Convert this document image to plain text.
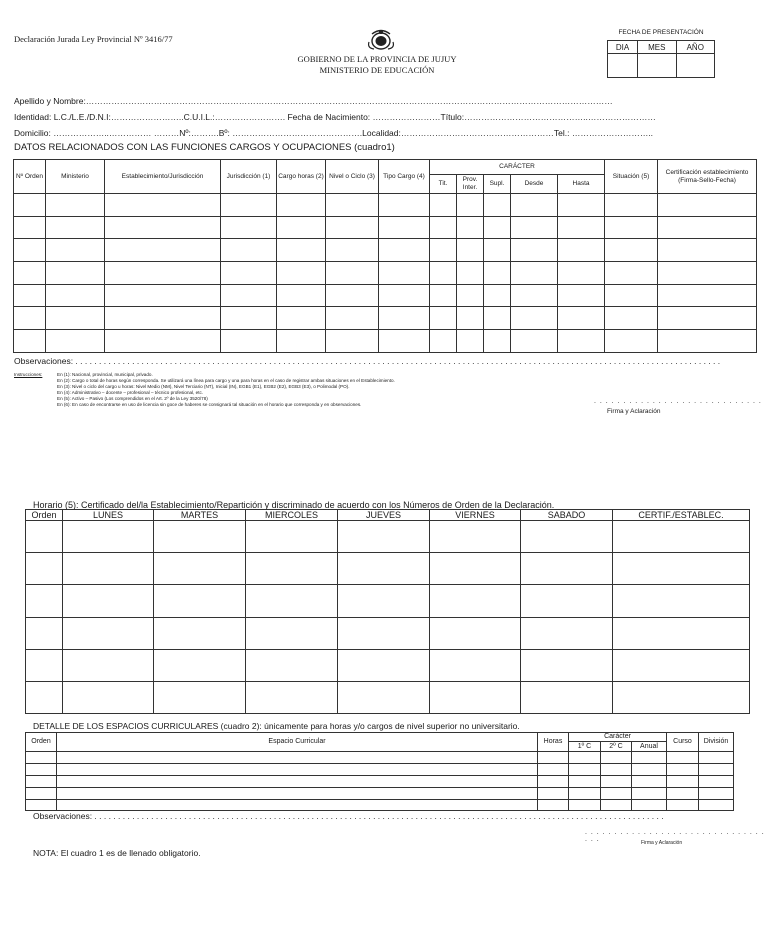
Declaración Jurada Ley Provincial Nº 3416/77
GOBIERNO DE LA PROVINCIA DE JUJUY
MINISTERIO DE EDUCACIÓN
FECHA DE PRESENTACIÓN
DIA	MES	AÑO

Apellido y Nombre:……………………………………………………………………………………………………………………………………………………………………
Identidad: L.C./L.E./D.N.I:……………………..C.U.I.L.:……………………. Fecha de Nacimiento: ……………………Título:……………………………………..……………………
Domicilio: ………………..…………… ………Nº:……….Bº: ……………………………………….Localidad:………………………………………………Tel.: ………………………..
DATOS RELACIONADOS CON LAS FUNCIONES CARGOS Y OCUPACIONES (cuadro1)
Nº Orden	Ministerio	Establecimiento/Jurisdicción	Jurisdicción (1)	Cargo horas (2)	Nivel o Ciclo (3)	Tipo Cargo (4)	CARÁCTER					Situación (5)	Certificación establecimiento
(Firma-Sello-Fecha)

							Tit.	Prov. Inter.	Supl.	Desde	Hasta		

Observaciones: . . . . . . . . . . . . . . . . . . . . . . . . . . . . . . . . . . . . . . . . . . . . . . . . . . . . . . . . . . . . . . . . . . . . . . . . . . . . . . . . . . . . . . . . . . . . . . . . . . . . . . . . . . . . . . . . . . . . . . . . . . . . . . . . . . . . . . . . .
Instrucciones:	En (1): Nacional, provincial, municipal, privado.
En (2): Cargo o total de horas según corresponda. Se utilizará una línea para cargo y una para horas en el caso de registrar ambas situaciones en el Establecimiento.
En (3): Nivel o ciclo del cargo u horas: Nivel Medio (NM), Nivel Terciario (NT), Inicial (IN), EGB1 (E1), EGB2 (E2), EGB3 (E3), o Polimodal (PO).
En (4): Administrativo – docente – profesional – técnico profesional, etc.
En (5): Activo – Pasivo (Los comprendidos en el Art. 2º de la Ley 3520/78)
En (6): En caso de encontrarse en uso de licencia sin goce de haberes se consignará tal situación en el horario que corresponda y en observaciones.	. . . . . . . . . . . . . . . . . . . . . . . . . . . . .
Firma y Aclaración
Horario (5): Certificado del/la Establecimiento/Repartición y discriminado de acuerdo con los Números de Orden de la Declaración.
Orden	LUNES	MARTES	MIERCOLES	JUEVES	VIERNES	SABADO	CERTIF./ESTABLEC.

DETALLE DE LOS ESPACIOS CURRICULARES (cuadro 2): únicamente para horas y/o cargos de nivel superior no universitario.
Orden	Espacio Curricular	Horas	Carácter			Curso	División
			1º C	2º C	Anual		

Observaciones: . . . . . . . . . . . . . . . . . . . . . . . . . . . . . . . . . . . . . . . . . . . . . . . . . . . . . . . . . . . . . . . . . . . . . . . . . . . . . . . . . . . . . . . . . . . . . . . . . . . . . . . . . . . . . . . . . . . . . . . . .
. . . . . . . . . . . . . . . . . . . . . . . . . . . . . . . . . .	Firma y Aclaración
NOTA: El cuadro 1 es de llenado obligatorio.
